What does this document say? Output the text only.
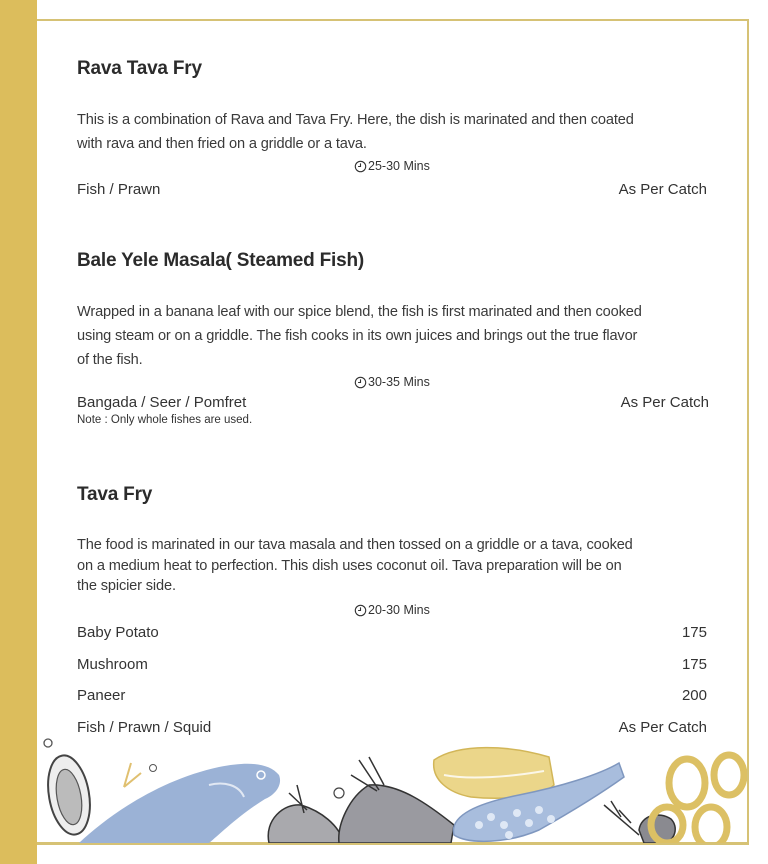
Rava Tava Fry
This is a combination of Rava and Tava Fry. Here, the dish is marinated and then coated
with rava and then fried on a griddle or a tava.
25-30 Mins
Fish / Prawn	As Per Catch
Bale Yele Masala( Steamed Fish)
Wrapped in a banana leaf with our spice blend, the fish is first marinated and then cooked
using steam or on a griddle. The fish cooks in its own juices and brings out the true flavor
of the fish.
30-35 Mins
Bangada / Seer / Pomfret	As Per Catch
Note : Only whole fishes are used.
Tava Fry
The food is marinated in our tava masala and then tossed on a griddle or a tava, cooked
on a medium heat to perfection. This dish uses coconut oil. Tava preparation will be on
the spicier side.
20-30 Mins
Baby Potato	175
Mushroom	175
Paneer	200
Fish / Prawn / Squid	As Per Catch
